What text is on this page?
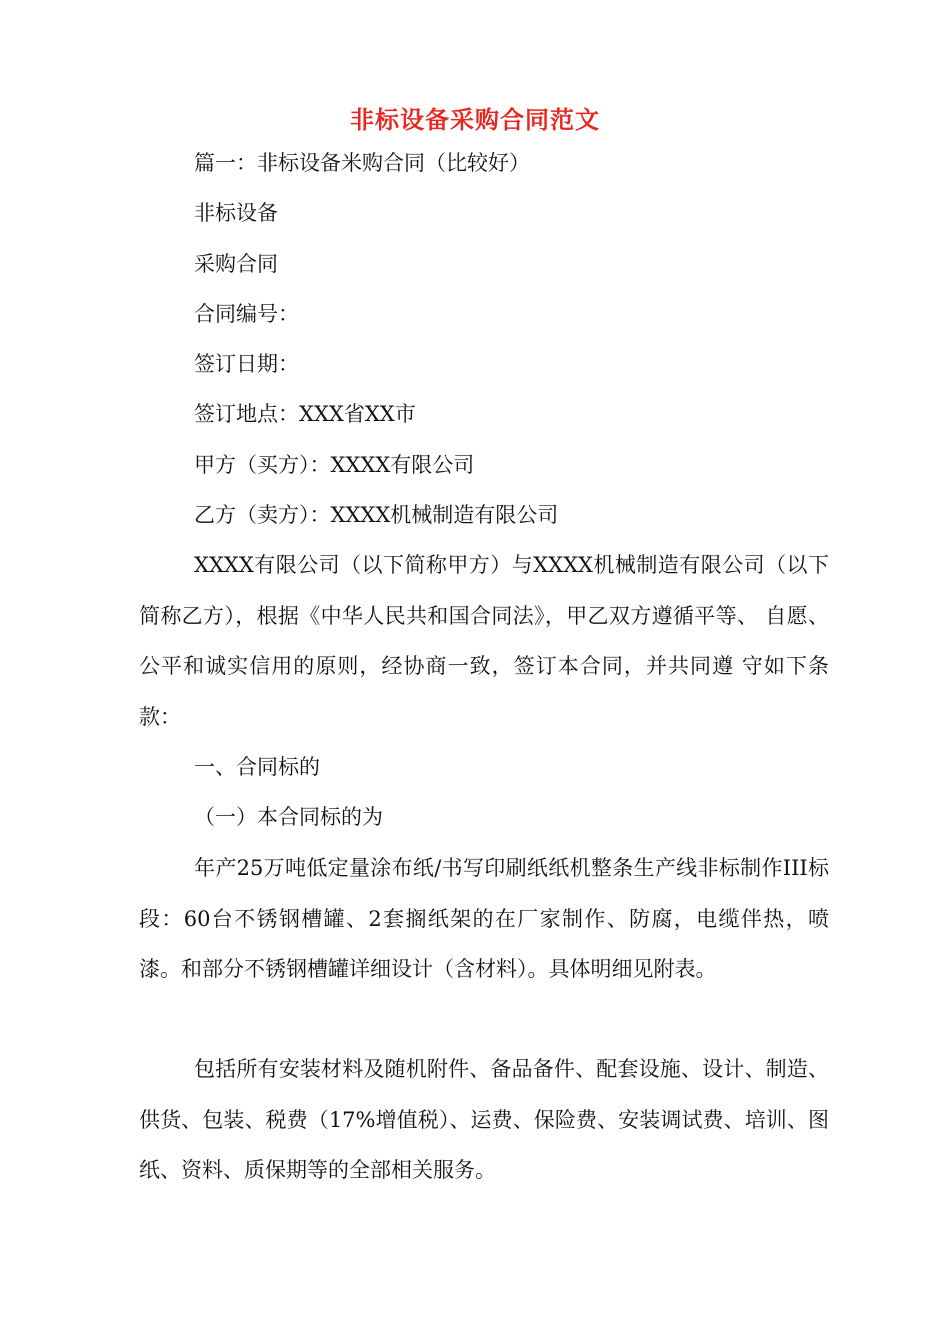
非标设备采购合同范文
篇一：非标设备米购合同（比较好）
非标设备
采购合同
合同编号：
签订日期：
签订地点：XXX省XX市
甲方（买方）：XXXX有限公司
乙方（卖方）：XXXX机械制造有限公司
XXXX有限公司（以下简称甲方）与XXXX机械制造有限公司（以下简称乙方），根据《中华人民共和国合同法》，甲乙双方遵循平等、 自愿、公平和诚实信用的原则，经协商一致，签订本合同，并共同遵 守如下条款：
一、合同标的
（一）本合同标的为
年产25万吨低定量涂布纸/书写印刷纸纸机整条生产线非标制作III标段：60台不锈钢槽罐、2套搁纸架的在厂家制作、防腐，电缆伴热，喷漆。和部分不锈钢槽罐详细设计（含材料）。具体明细见附表。
包括所有安装材料及随机附件、备品备件、配套设施、设计、制造、供货、包装、税费（17%增值税）、运费、保险费、安装调试费、培训、图纸、资料、质保期等的全部相关服务。
